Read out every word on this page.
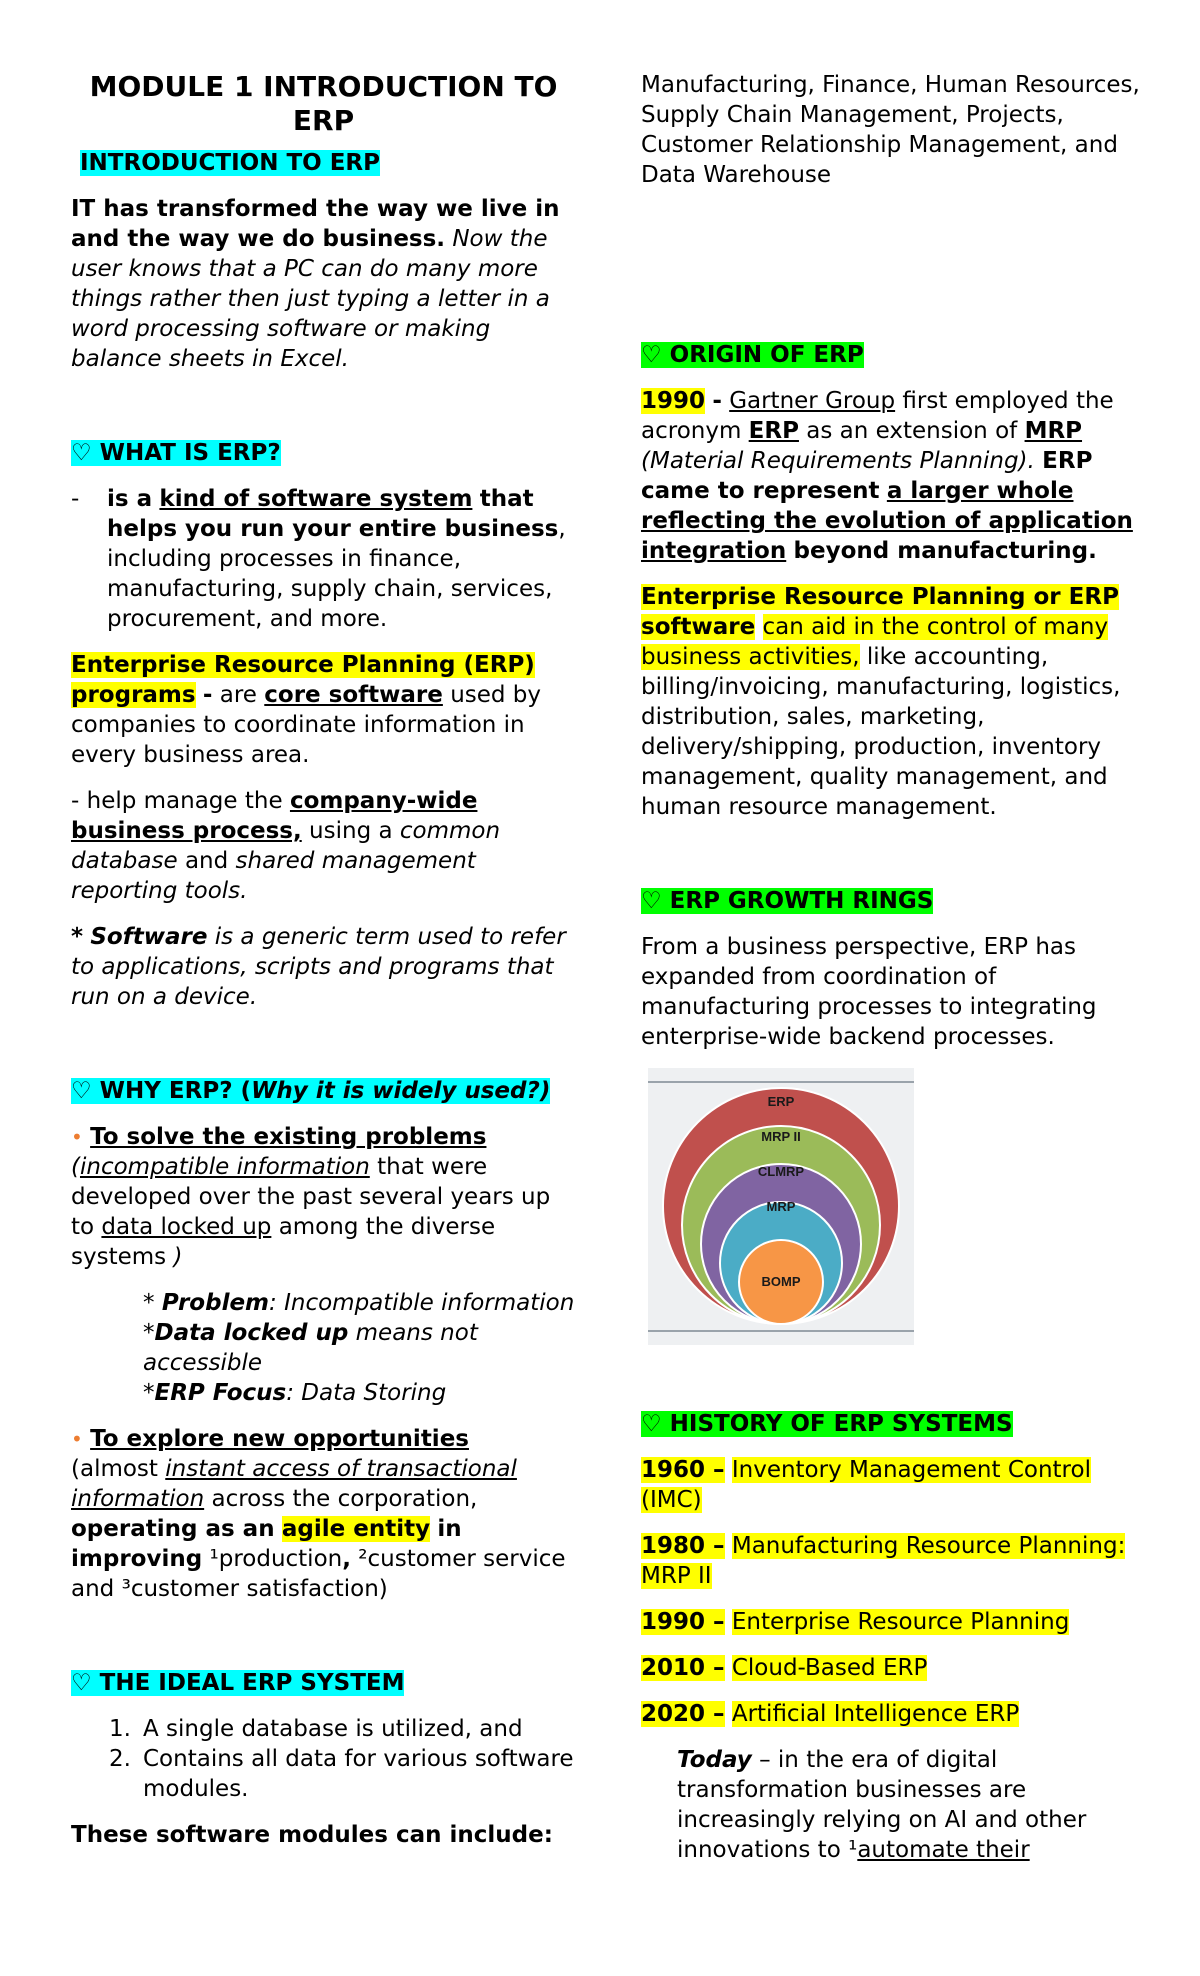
MODULE 1 INTRODUCTION TO ERP

INTRODUCTION TO ERP

IT has transformed the way we live in and the way we do business. Now the user knows that a PC can do many more things rather then just typing a letter in a word processing software or making balance sheets in Excel.

♡ WHAT IS ERP?

- is a kind of software system that helps you run your entire business, including processes in finance, manufacturing, supply chain, services, procurement, and more.

Enterprise Resource Planning (ERP) programs - are core software used by companies to coordinate information in every business area.

- help manage the company-wide business process, using a common database and shared management reporting tools.

* Software is a generic term used to refer to applications, scripts and programs that run on a device.

♡ WHY ERP? (Why it is widely used?)

• To solve the existing problems
(incompatible information that were developed over the past several years up to data locked up among the diverse systems )

* Problem: Incompatible information

*Data locked up means not accessible

*ERP Focus: Data Storing

• To explore new opportunities
(almost instant access of transactional information across the corporation, operating as an agile entity in improving ¹production, ²customer service and ³customer satisfaction)

♡ THE IDEAL ERP SYSTEM

1. A single database is utilized, and
2. Contains all data for various software modules.

These software modules can include:

Manufacturing, Finance, Human Resources, Supply Chain Management, Projects, Customer Relationship Management, and Data Warehouse

♡ ORIGIN OF ERP

1990 - Gartner Group first employed the acronym ERP as an extension of MRP (Material Requirements Planning). ERP came to represent a larger whole reflecting the evolution of application integration beyond manufacturing.

Enterprise Resource Planning or ERP software can aid in the control of many business activities, like accounting, billing/invoicing, manufacturing, logistics, distribution, sales, marketing, delivery/shipping, production, inventory management, quality management, and human resource management.

♡ ERP GROWTH RINGS

From a business perspective, ERP has expanded from coordination of manufacturing processes to integrating enterprise-wide backend processes.

ERP
MRP II
CLMRP
MRP
BOMP

♡ HISTORY OF ERP SYSTEMS

1960 – Inventory Management Control (IMC)

1980 – Manufacturing Resource Planning: MRP II

1990 – Enterprise Resource Planning

2010 – Cloud-Based ERP

2020 – Artificial Intelligence ERP

Today – in the era of digital transformation businesses are increasingly relying on AI and other innovations to ¹automate their
